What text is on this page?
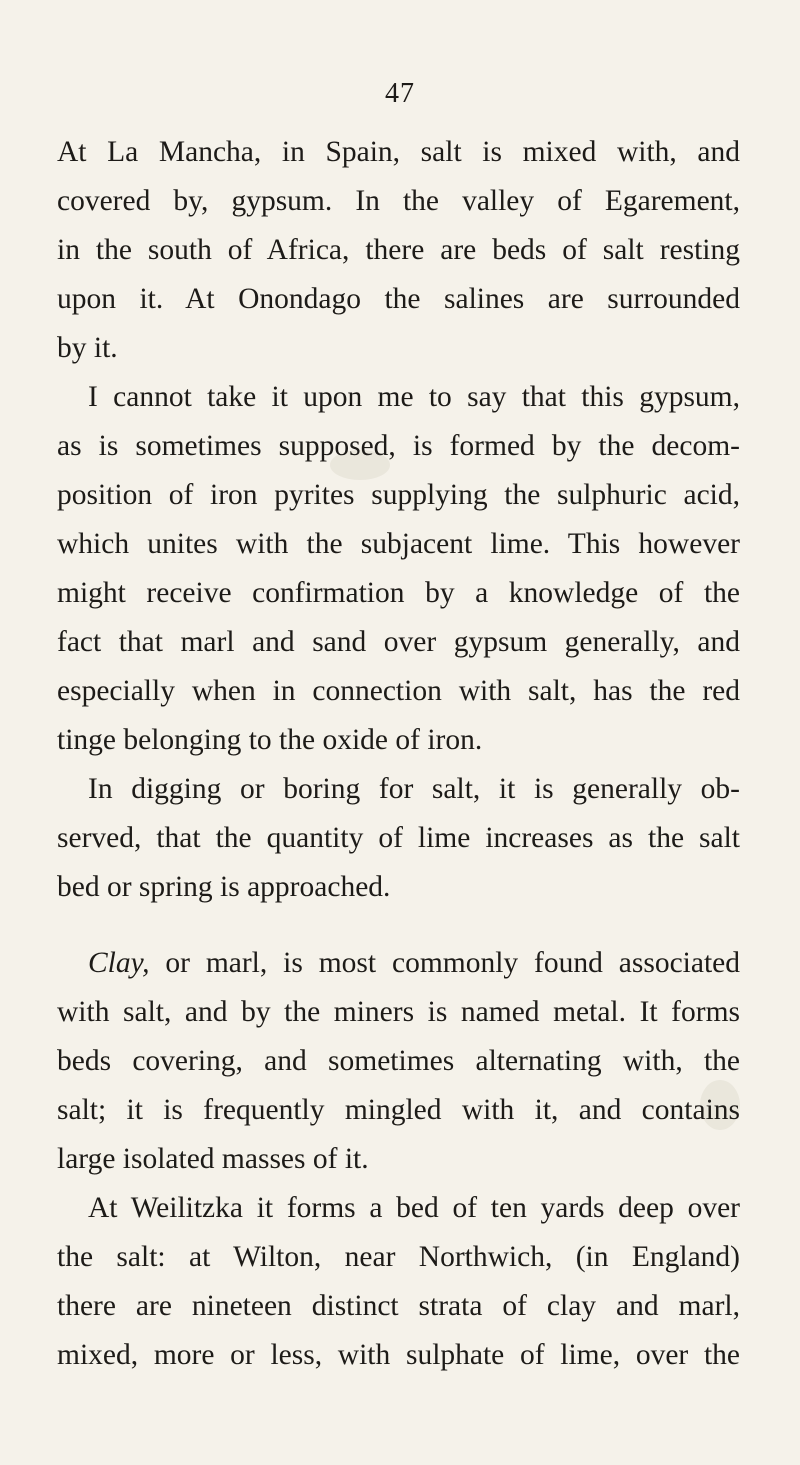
47
At La Mancha, in Spain, salt is mixed with, and
covered by, gypsum. In the valley of Egarement,
in the south of Africa, there are beds of salt resting
upon it. At Onondago the salines are surrounded
by it.
I cannot take it upon me to say that this gypsum,
as is sometimes supposed, is formed by the decom-
position of iron pyrites supplying the sulphuric acid,
which unites with the subjacent lime. This however
might receive confirmation by a knowledge of the
fact that marl and sand over gypsum generally, and
especially when in connection with salt, has the red
tinge belonging to the oxide of iron.
In digging or boring for salt, it is generally ob-
served, that the quantity of lime increases as the salt
bed or spring is approached.
Clay, or marl, is most commonly found associated
with salt, and by the miners is named metal. It forms
beds covering, and sometimes alternating with, the
salt; it is frequently mingled with it, and contains
large isolated masses of it.
At Weilitzka it forms a bed of ten yards deep over
the salt: at Wilton, near Northwich, (in England)
there are nineteen distinct strata of clay and marl,
mixed, more or less, with sulphate of lime, over the
